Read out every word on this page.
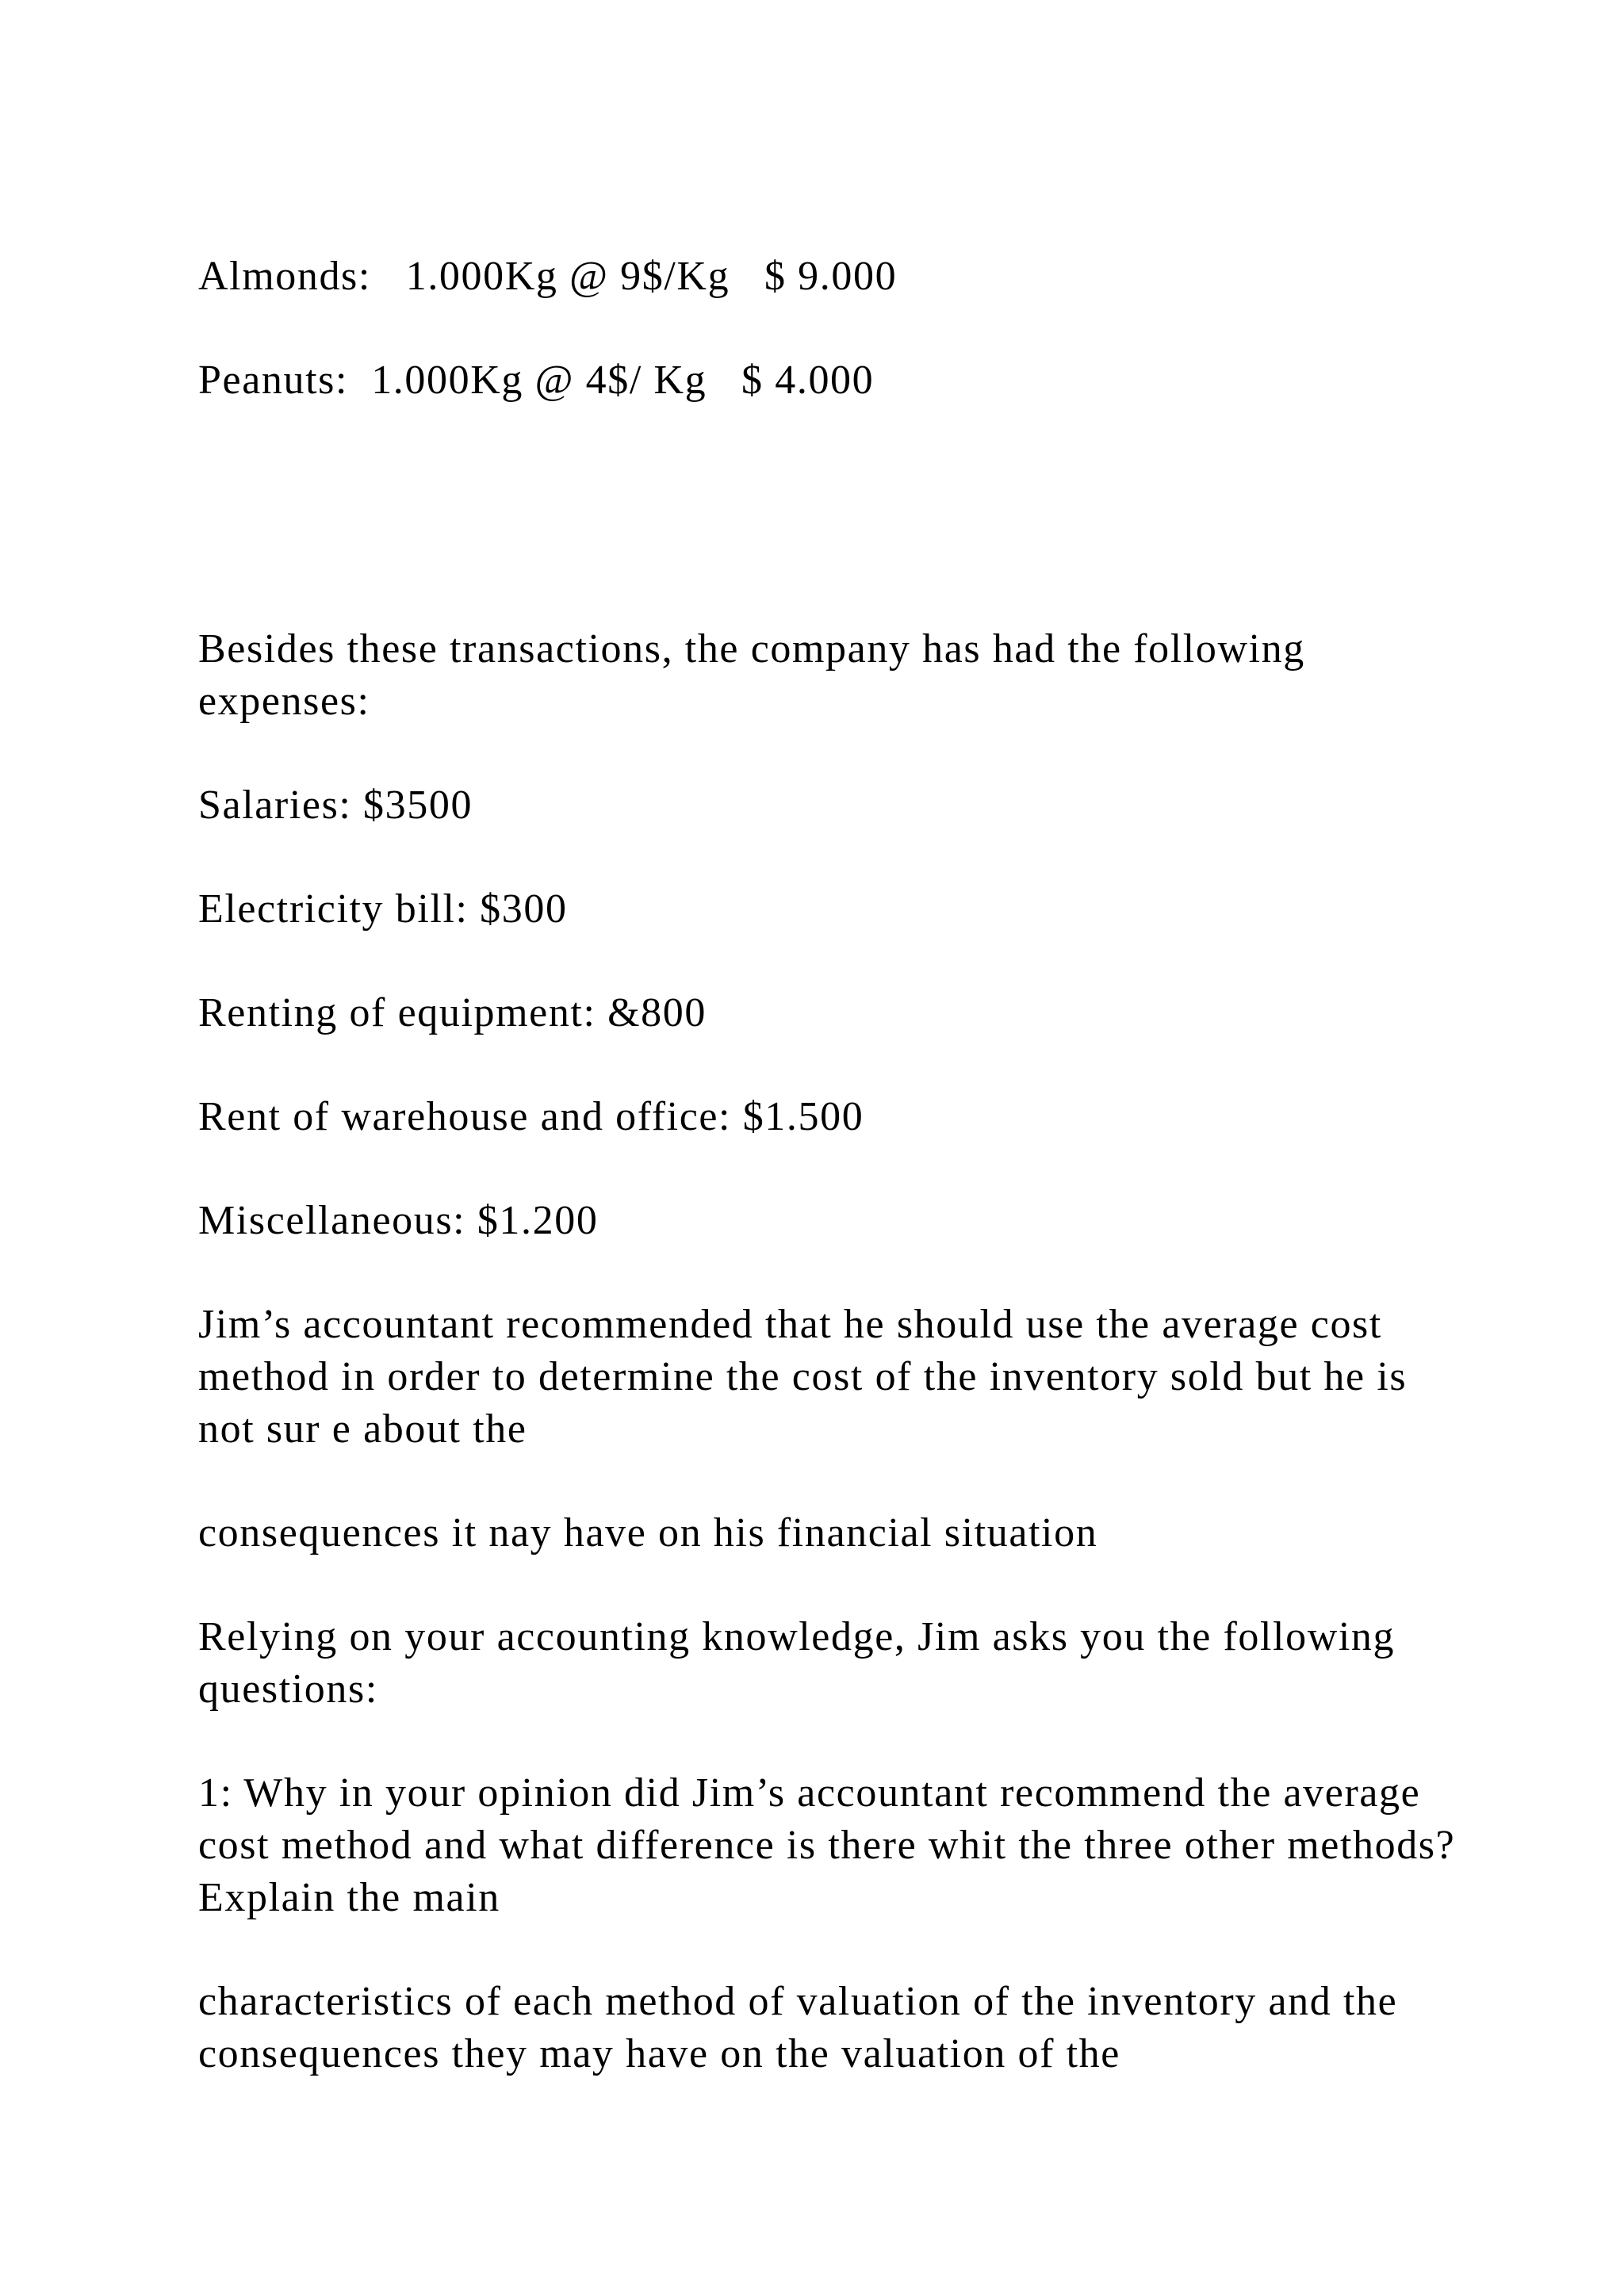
Almonds:   1.000Kg @ 9$/Kg   $ 9.000

Peanuts:  1.000Kg @ 4$/ Kg   $ 4.000

Besides these transactions, the company has had the following expenses:

Salaries: $3500

Electricity bill: $300

Renting of equipment: &800

Rent of warehouse and office: $1.500

Miscellaneous: $1.200

Jim’s accountant recommended that he should use the average cost method in order to determine the cost of the inventory sold but he is not sur e about the

consequences it nay have on his financial situation

Relying on your accounting knowledge, Jim asks you the following questions:

1: Why in your opinion did Jim’s accountant recommend the average cost method and what difference is there whit the three other methods? Explain the main

characteristics of each method of valuation of the inventory and the consequences they may have on the valuation of the
